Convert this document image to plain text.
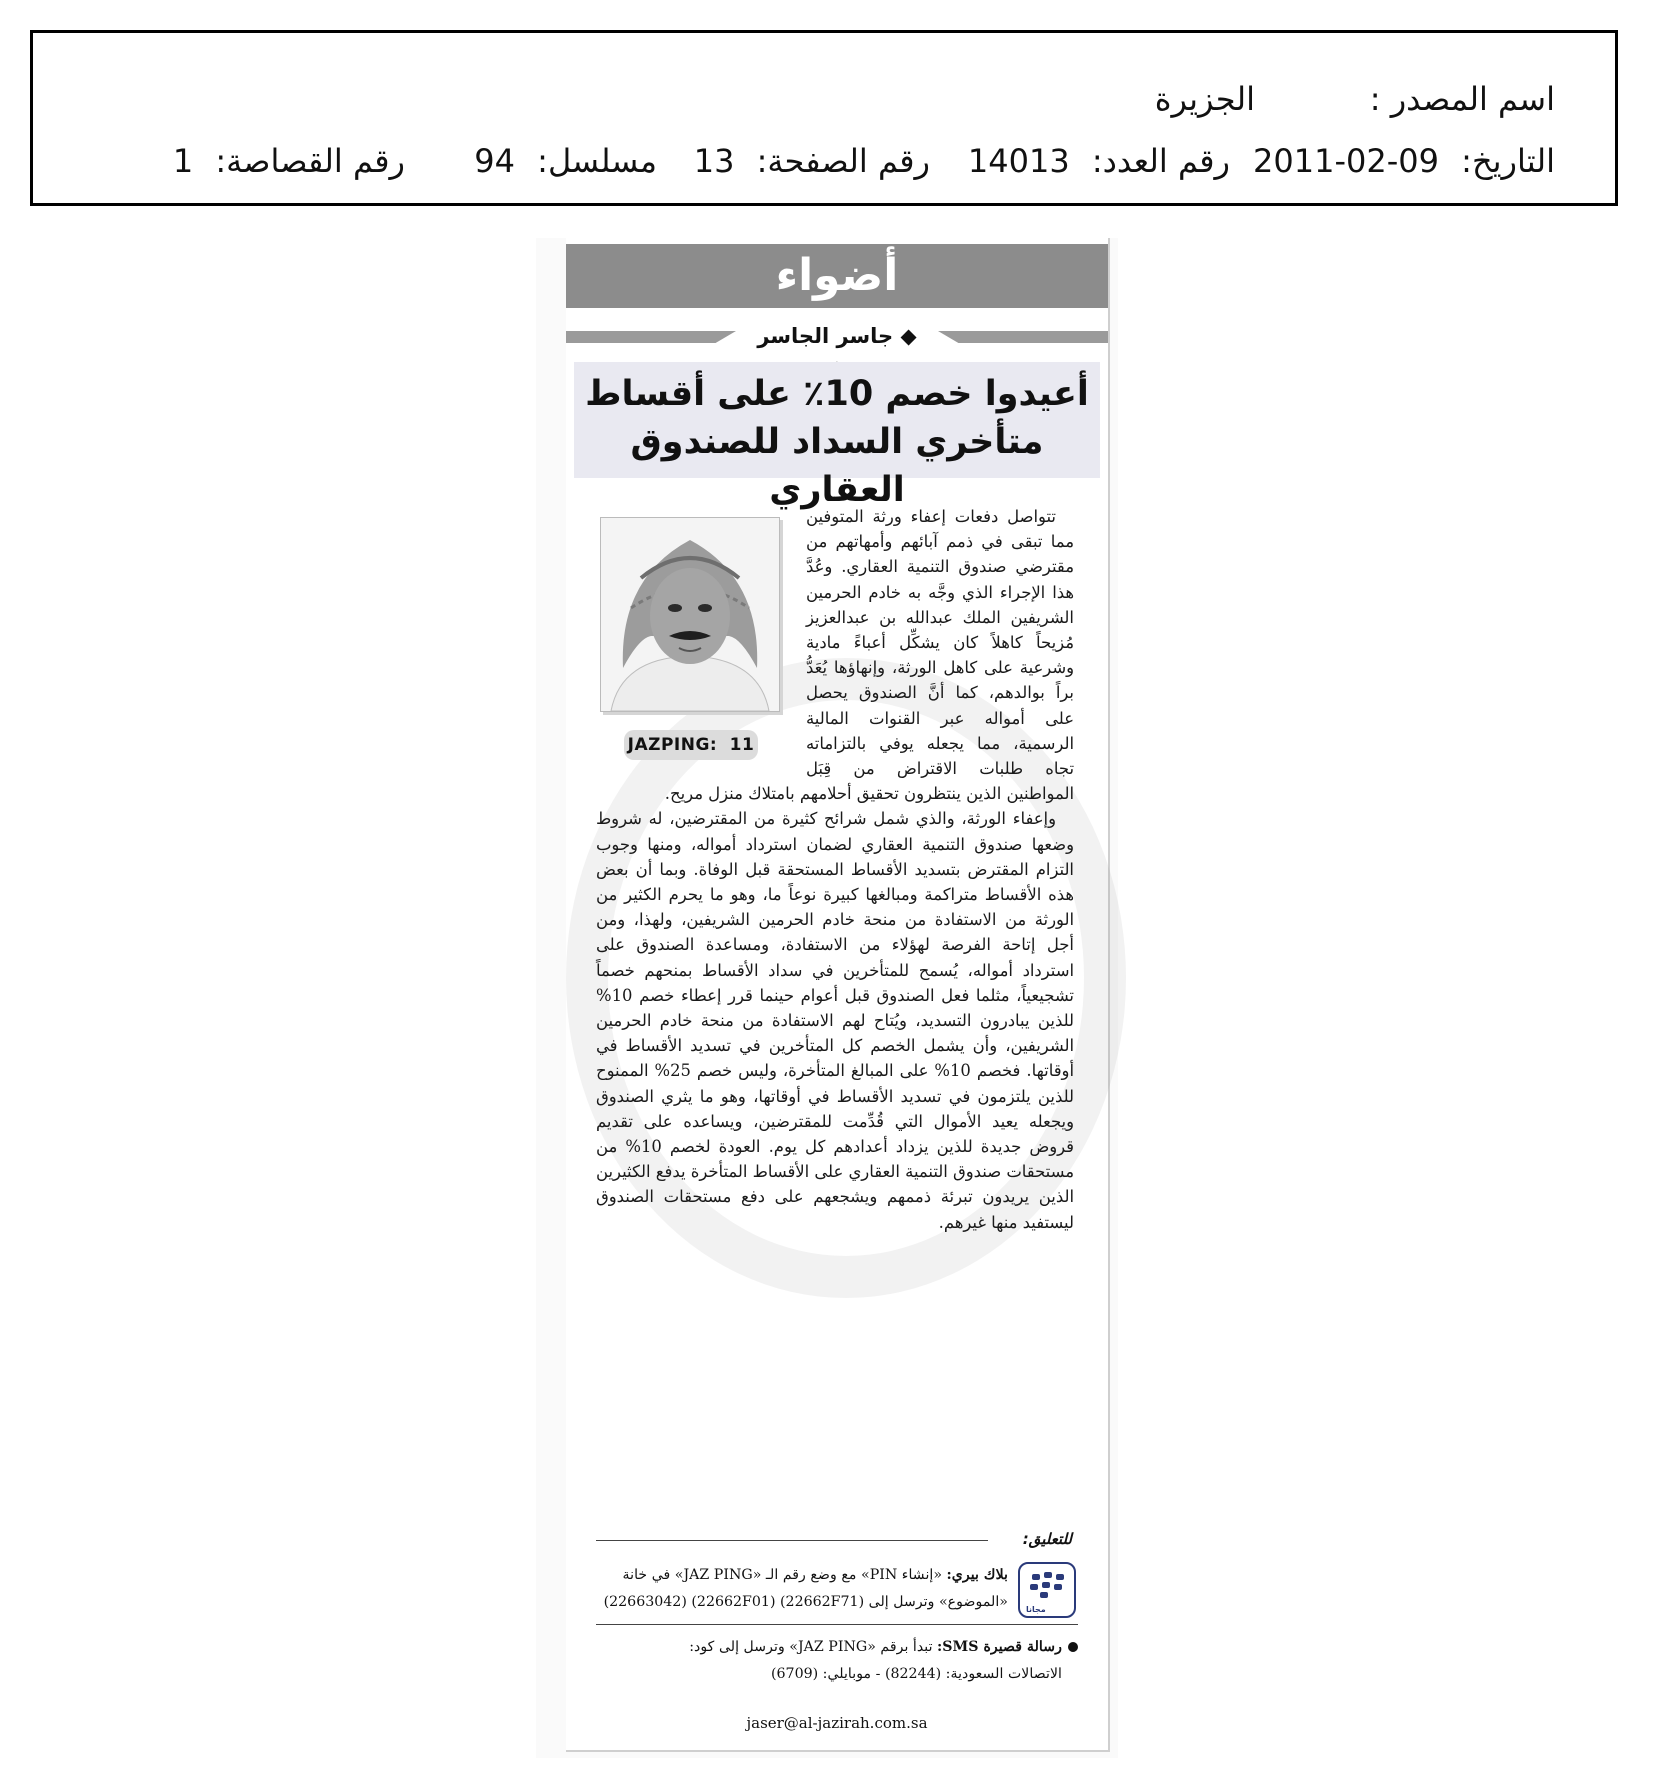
اسم المصدر :
الجزيرة
التاريخ: 2011-02-09
رقم العدد: 14013
رقم الصفحة: 13
مسلسل: 94
رقم القصاصة: 1
أضواء
◆ جاسر الجاسر
أعيدوا خصم 10٪ على أقساط متأخري السداد للصندوق العقاري
JAZPING: 11

تتواصل دفعات إعفاء ورثة المتوفين مما تبقى في ذمم آبائهم وأمهاتهم من مقترضي صندوق التنمية العقاري. وعُدَّ هذا الإجراء الذي وجَّه به خادم الحرمين الشريفين الملك عبدالله بن عبدالعزيز مُزيحاً كاهلاً كان يشكِّل أعباءً مادية وشرعية على كاهل الورثة، وإنهاؤها يُعَدُّ براً بوالدهم، كما أنَّ الصندوق يحصل على أمواله عبر القنوات المالية الرسمية، مما يجعله يوفي بالتزاماته تجاه طلبات الاقتراض من قِبَل المواطنين الذين ينتظرون تحقيق أحلامهم بامتلاك منزل مريح.

وإعفاء الورثة، والذي شمل شرائح كثيرة من المقترضين، له شروط وضعها صندوق التنمية العقاري لضمان استرداد أمواله، ومنها وجوب التزام المقترض بتسديد الأقساط المستحقة قبل الوفاة. وبما أن بعض هذه الأقساط متراكمة ومبالغها كبيرة نوعاً ما، وهو ما يحرم الكثير من الورثة من الاستفادة من منحة خادم الحرمين الشريفين، ولهذا، ومن أجل إتاحة الفرصة لهؤلاء من الاستفادة، ومساعدة الصندوق على استرداد أمواله، يُسمح للمتأخرين في سداد الأقساط بمنحهم خصماً تشجيعياً، مثلما فعل الصندوق قبل أعوام حينما قرر إعطاء خصم 10% للذين يبادرون التسديد، ويُتاح لهم الاستفادة من منحة خادم الحرمين الشريفين، وأن يشمل الخصم كل المتأخرين في تسديد الأقساط في أوقاتها. فخصم 10% على المبالغ المتأخرة، وليس خصم 25% الممنوح للذين يلتزمون في تسديد الأقساط في أوقاتها، وهو ما يثري الصندوق ويجعله يعيد الأموال التي قُدِّمت للمقترضين، ويساعده على تقديم قروض جديدة للذين يزداد أعدادهم كل يوم. العودة لخصم 10% من مستحقات صندوق التنمية العقاري على الأقساط المتأخرة يدفع الكثيرين الذين يريدون تبرئة ذممهم ويشجعهم على دفع مستحقات الصندوق ليستفيد منها غيرهم.

للتعليق:
مجانا
بلاك بيري: «إنشاء PIN» مع وضع رقم الـ «JAZ PING» في خانة
«الموضوع» وترسل إلى (22662F71) (22662F01) (22663042)
رسالة قصيرة SMS: تبدأ برقم «JAZ PING» وترسل إلى كود:
الاتصالات السعودية: (82244) - موبايلي: (6709)
jaser@al-jazirah.com.sa
